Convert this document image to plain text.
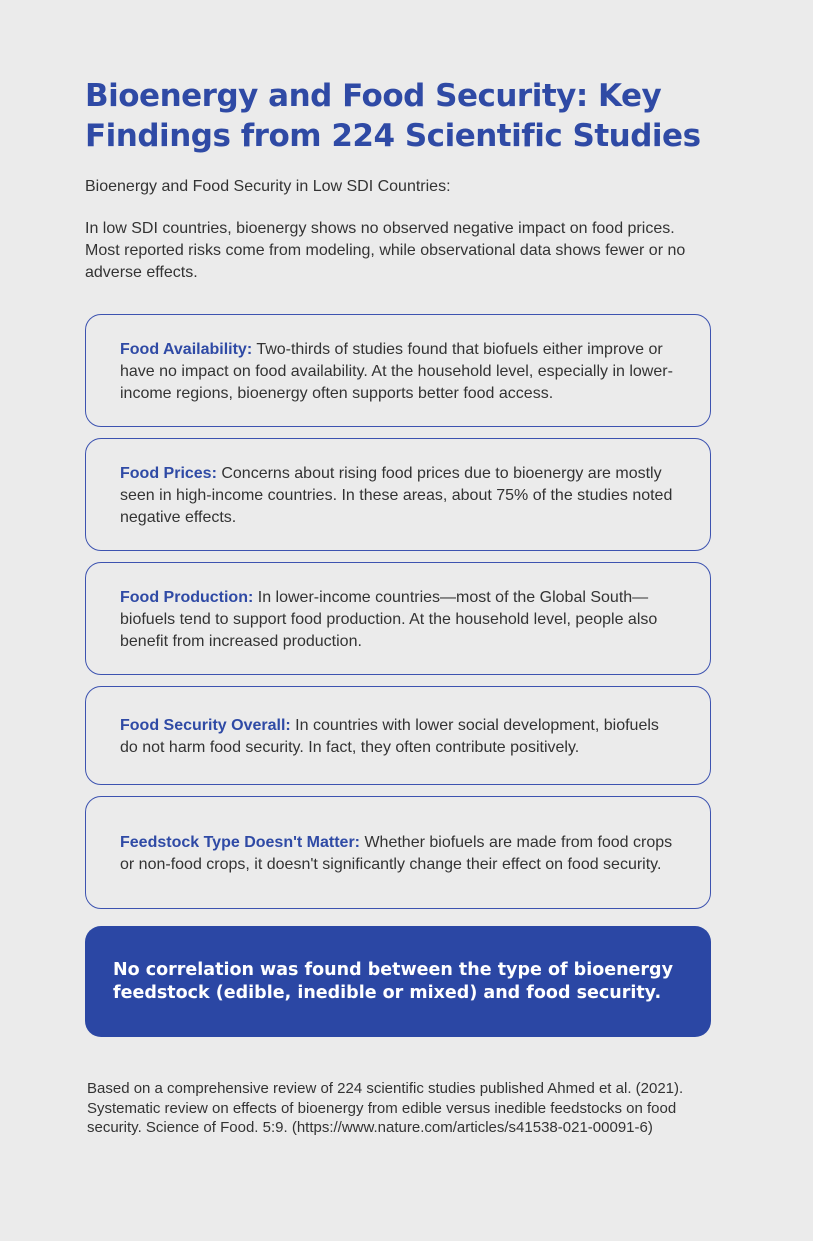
Bioenergy and Food Security: Key Findings from 224 Scientific Studies

Bioenergy and Food Security in Low SDI Countries:

In low SDI countries, bioenergy shows no observed negative impact on food prices. Most reported risks come from modeling, while observational data shows fewer or no adverse effects.

Food Availability: Two-thirds of studies found that biofuels either improve or have no impact on food availability. At the household level, especially in lower-income regions, bioenergy often supports better food access.

Food Prices: Concerns about rising food prices due to bioenergy are mostly seen in high-income countries. In these areas, about 75% of the studies noted negative effects.

Food Production: In lower-income countries—most of the Global South—biofuels tend to support food production. At the household level, people also benefit from increased production.

Food Security Overall: In countries with lower social development, biofuels do not harm food security. In fact, they often contribute positively.

Feedstock Type Doesn't Matter: Whether biofuels are made from food crops or non-food crops, it doesn't significantly change their effect on food security.

No correlation was found between the type of bioenergy feedstock (edible, inedible or mixed) and food security.

Based on a comprehensive review of 224 scientific studies published Ahmed et al. (2021). Systematic review on effects of bioenergy from edible versus inedible feedstocks on food security. Science of Food. 5:9. (https://www.nature.com/articles/s41538-021-00091-6)
